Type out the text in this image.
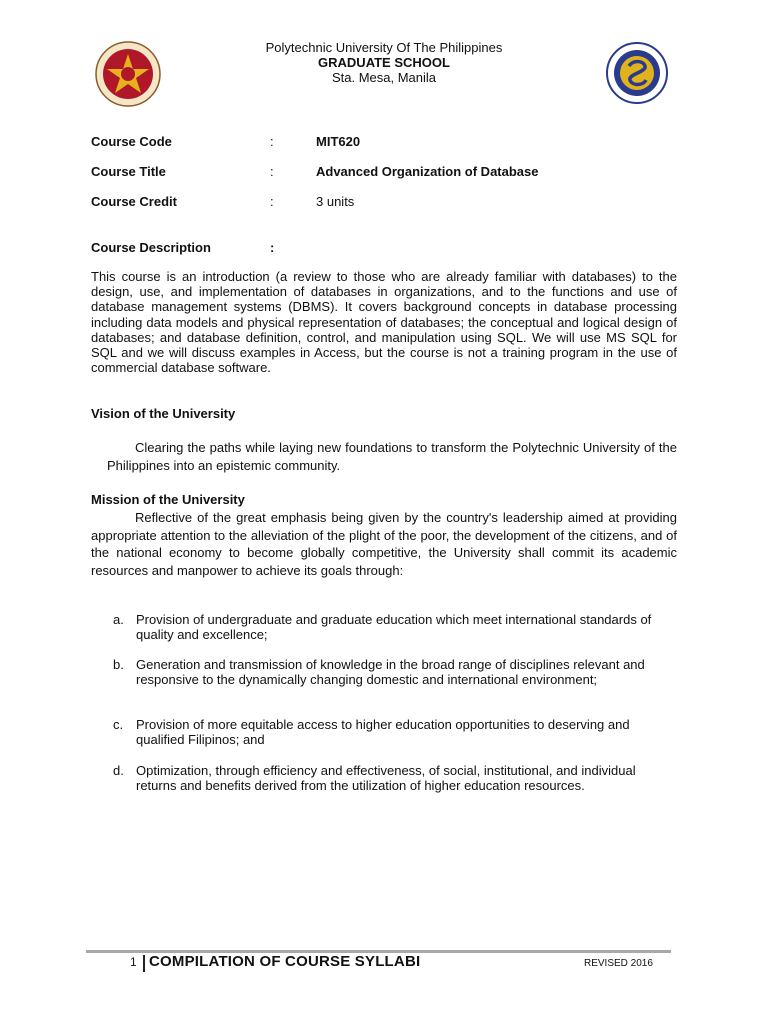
Polytechnic University Of The Philippines
GRADUATE SCHOOL
Sta. Mesa, Manila
Course Code	:	MIT620
Course Title	:	Advanced Organization of Database
Course Credit	:	3 units
Course Description	:
This course is an introduction (a review to those who are already familiar with databases) to the design, use, and implementation of databases in organizations, and to the functions and use of database management systems (DBMS). It covers background concepts in database processing including data models and physical representation of databases; the conceptual and logical design of databases; and database definition, control, and manipulation using SQL. We will use MS SQL for SQL and we will discuss examples in Access, but the course is not a training program in the use of commercial database software.
Vision of the University
Clearing the paths while laying new foundations to transform the Polytechnic University of the Philippines into an epistemic community.
Mission of the University
Reflective of the great emphasis being given by the country's leadership aimed at providing appropriate attention to the alleviation of the plight of the poor, the development of the citizens, and of the national economy to become globally competitive, the University shall commit its academic resources and manpower to achieve its goals through:
a. Provision of undergraduate and graduate education which meet international standards of quality and excellence;
b. Generation and transmission of knowledge in the broad range of disciplines relevant and responsive to the dynamically changing domestic and international environment;
c. Provision of more equitable access to higher education opportunities to deserving and qualified Filipinos; and
d. Optimization, through efficiency and effectiveness, of social, institutional, and individual returns and benefits derived from the utilization of higher education resources.
1 COMPILATION OF COURSE SYLLABI	REVISED 2016
